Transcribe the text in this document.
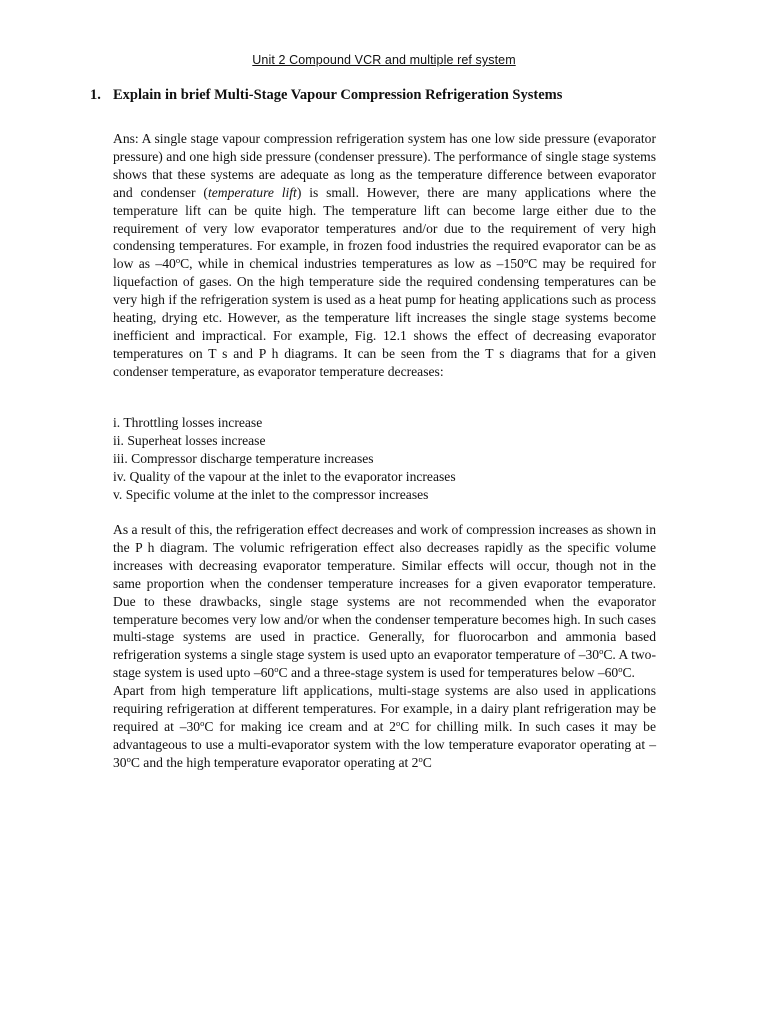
Unit 2 Compound VCR and multiple ref system
1. Explain in brief Multi-Stage Vapour Compression Refrigeration Systems
Ans: A single stage vapour compression refrigeration system has one low side pressure (evaporator pressure) and one high side pressure (condenser pressure). The performance of single stage systems shows that these systems are adequate as long as the temperature difference between evaporator and condenser (temperature lift) is small. However, there are many applications where the temperature lift can be quite high. The temperature lift can become large either due to the requirement of very low evaporator temperatures and/or due to the requirement of very high condensing temperatures. For example, in frozen food industries the required evaporator can be as low as –40$^o$C, while in chemical industries temperatures as low as –150$^o$C may be required for liquefaction of gases. On the high temperature side the required condensing temperatures can be very high if the refrigeration system is used as a heat pump for heating applications such as process heating, drying etc. However, as the temperature lift increases the single stage systems become inefficient and impractical. For example, Fig. 12.1 shows the effect of decreasing evaporator temperatures on T s and P h diagrams. It can be seen from the T s diagrams that for a given condenser temperature, as evaporator temperature decreases:
i. Throttling losses increase
ii. Superheat losses increase
iii. Compressor discharge temperature increases
iv. Quality of the vapour at the inlet to the evaporator increases
v. Specific volume at the inlet to the compressor increases
As a result of this, the refrigeration effect decreases and work of compression increases as shown in the P h diagram. The volumic refrigeration effect also decreases rapidly as the specific volume increases with decreasing evaporator temperature. Similar effects will occur, though not in the same proportion when the condenser temperature increases for a given evaporator temperature. Due to these drawbacks, single stage systems are not recommended when the evaporator temperature becomes very low and/or when the condenser temperature becomes high. In such cases multi-stage systems are used in practice. Generally, for fluorocarbon and ammonia based refrigeration systems a single stage system is used upto an evaporator temperature of –30$^o$C. A two-stage system is used upto –60$^o$C and a three-stage system is used for temperatures below –60$^o$C.
Apart from high temperature lift applications, multi-stage systems are also used in applications requiring refrigeration at different temperatures. For example, in a dairy plant refrigeration may be required at –30$^o$C for making ice cream and at 2$^o$C for chilling milk. In such cases it may be advantageous to use a multi-evaporator system with the low temperature evaporator operating at –30$^o$C and the high temperature evaporator operating at 2$^o$C
